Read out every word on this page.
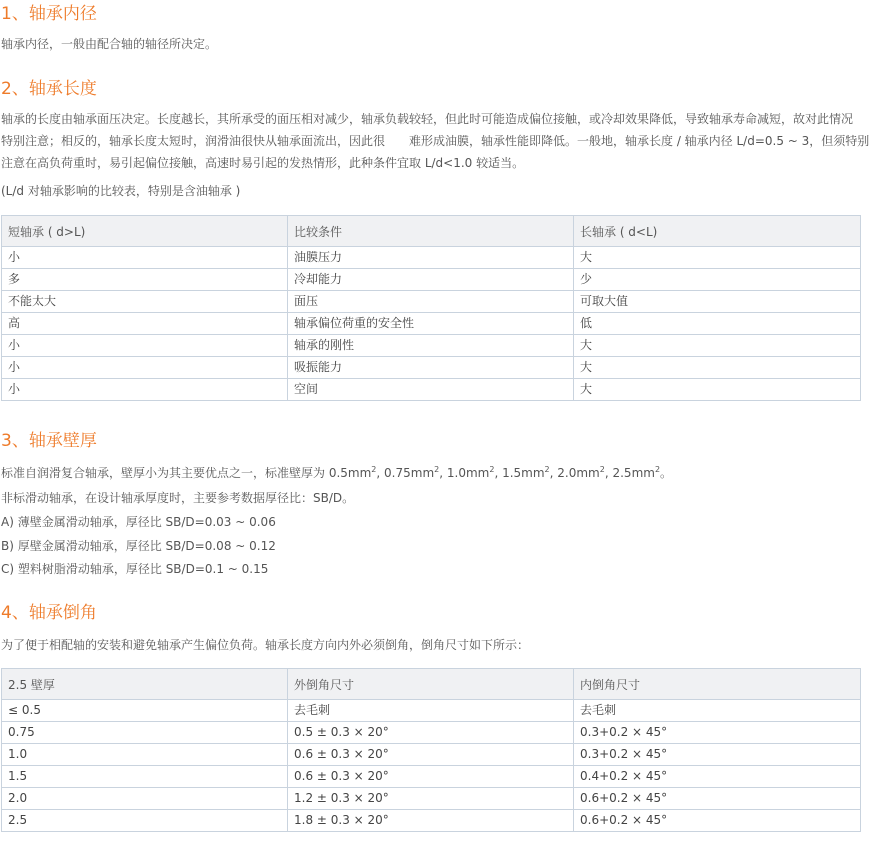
1、轴承内径

轴承内径，一般由配合轴的轴径所决定。

2、轴承长度

轴承的长度由轴承面压决定。长度越长，其所承受的面压相对减少，轴承负载较轻，但此时可能造成偏位接触，或冷却效果降低，导致轴承寿命减短，故对此情况

特别注意；相反的，轴承长度太短时，润滑油很快从轴承面流出，因此很　　难形成油膜，轴承性能即降低。一般地，轴承长度 / 轴承内径 L/d=0.5 ~ 3，但须特别

注意在高负荷重时，易引起偏位接触，高速时易引起的发热情形，此种条件宜取 L/d<1.0 较适当。

(L/d 对轴承影响的比较表，特别是含油轴承 )

短轴承 ( d>L)	比较条件	长轴承 ( d<L)
小	油膜压力	大
多	冷却能力	少
不能太大	面压	可取大值
高	轴承偏位荷重的安全性	低
小	轴承的刚性	大
小	吸振能力	大
小	空间	大
3、轴承壁厚

标准自润滑复合轴承，壁厚小为其主要优点之一，标准壁厚为 $0.5mm^2$, $0.75mm^2$, $1.0mm^2$, $1.5mm^2$, $2.0mm^2$, $2.5mm^2$。

非标滑动轴承，在设计轴承厚度时，主要参考数据厚径比：SB/D。

A) 薄壁金属滑动轴承，厚径比 SB/D=0.03 ~ 0.06

B) 厚壁金属滑动轴承，厚径比 SB/D=0.08 ~ 0.12

C) 塑料树脂滑动轴承，厚径比 SB/D=0.1 ~ 0.15

4、轴承倒角

为了便于相配轴的安装和避免轴承产生偏位负荷。轴承长度方向内外必须倒角，倒角尺寸如下所示：

2.5 壁厚	外倒角尺寸	内倒角尺寸
≤ 0.5	去毛刺	去毛刺
0.75	0.5 ± 0.3 × 20°	0.3+0.2 × 45°
1.0	0.6 ± 0.3 × 20°	0.3+0.2 × 45°
1.5	0.6 ± 0.3 × 20°	0.4+0.2 × 45°
2.0	1.2 ± 0.3 × 20°	0.6+0.2 × 45°
2.5	1.8 ± 0.3 × 20°	0.6+0.2 × 45°
